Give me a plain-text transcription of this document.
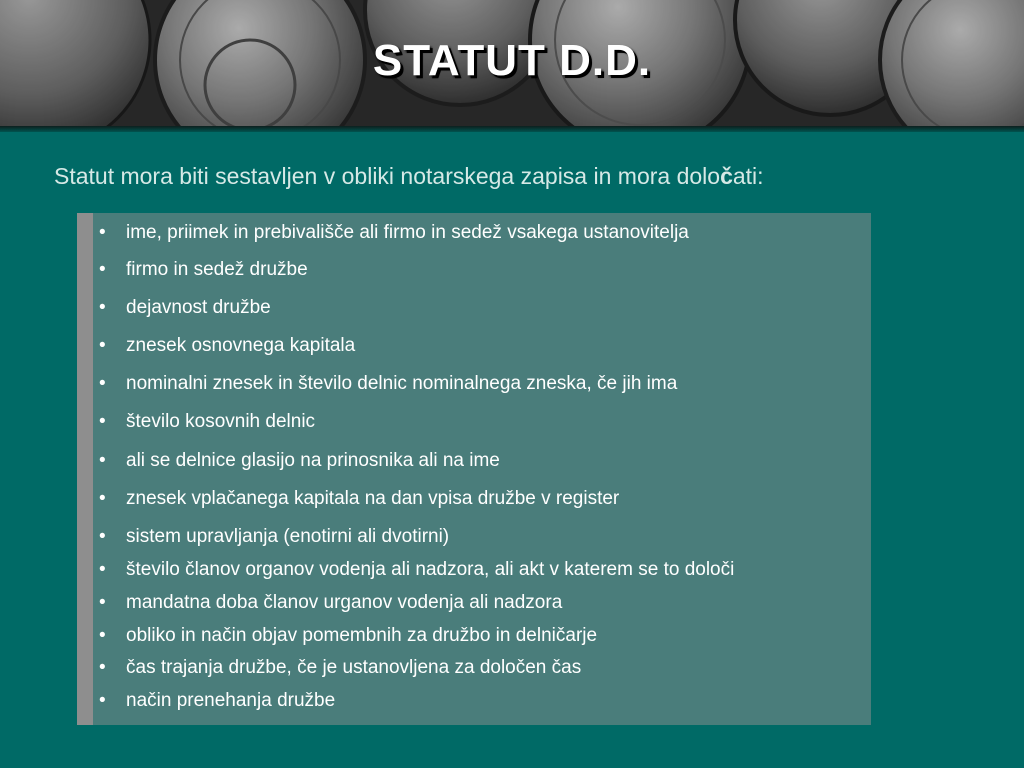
STATUT D.D.

Statut mora biti sestavljen v obliki notarskega zapisa in mora določati:

• ime, priimek in prebivališče ali firmo in sedež vsakega ustanovitelja
• firmo in sedež družbe
• dejavnost družbe
• znesek osnovnega kapitala
• nominalni znesek in število delnic nominalnega zneska, če jih ima
• število kosovnih delnic
• ali se delnice glasijo na prinosnika ali na ime
• znesek vplačanega kapitala na dan vpisa družbe v register
• sistem upravljanja (enotirni ali dvotirni)
• število članov organov vodenja ali nadzora, ali akt v katerem se to določi
• mandatna doba članov urganov vodenja ali nadzora
• obliko in način objav pomembnih za družbo in delničarje
• čas trajanja družbe, če je ustanovljena za določen čas
• način prenehanja družbe
